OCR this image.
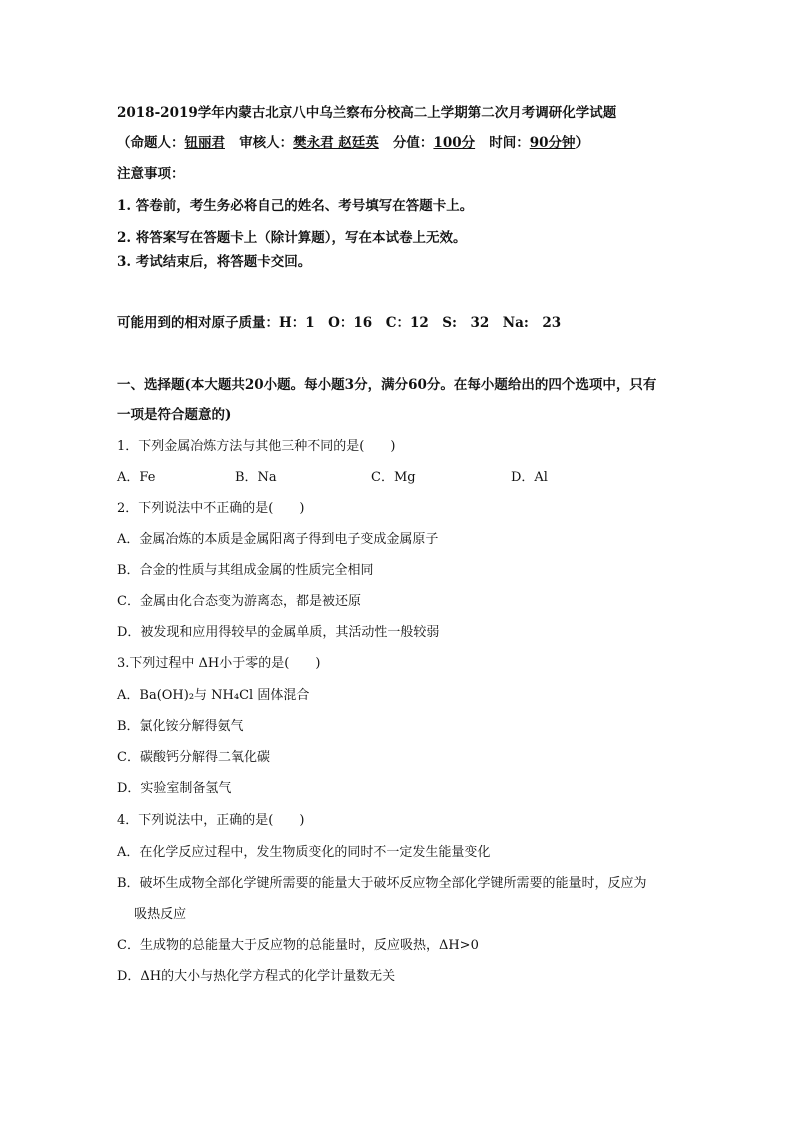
2018-2019学年内蒙古北京八中乌兰察布分校高二上学期第二次月考调研化学试题
（命题人：钮丽君 审核人：樊永君 赵廷英 分值：100分 时间：90分钟）
注意事项：
1. 答卷前，考生务必将自己的姓名、考号填写在答题卡上。
2. 将答案写在答题卡上（除计算题），写在本试卷上无效。
3. 考试结束后，将答题卡交回。
可能用到的相对原子质量：H：1　O：16　C：12　S:　32　Na:　23
一、选择题(本大题共20小题。每小题3分，满分60分。在每小题给出的四个选项中，只有
一项是符合题意的)
1．下列金属冶炼方法与其他三种不同的是(　　)
A．Fe	B．Na	C．Mg	D．Al
2．下列说法中不正确的是(　　)
A．金属冶炼的本质是金属阳离子得到电子变成金属原子
B．合金的性质与其组成金属的性质完全相同
C．金属由化合态变为游离态，都是被还原
D．被发现和应用得较早的金属单质，其活动性一般较弱
3.下列过程中 ΔH小于零的是(　　)
A．Ba(OH)₂与 NH₄Cl 固体混合
B．氯化铵分解得氨气
C．碳酸钙分解得二氧化碳
D．实验室制备氢气
4．下列说法中，正确的是(　　)
A．在化学反应过程中，发生物质变化的同时不一定发生能量变化
B．破坏生成物全部化学键所需要的能量大于破坏反应物全部化学键所需要的能量时，反应为
　 吸热反应
C．生成物的总能量大于反应物的总能量时，反应吸热，ΔH>0
D．ΔH的大小与热化学方程式的化学计量数无关
